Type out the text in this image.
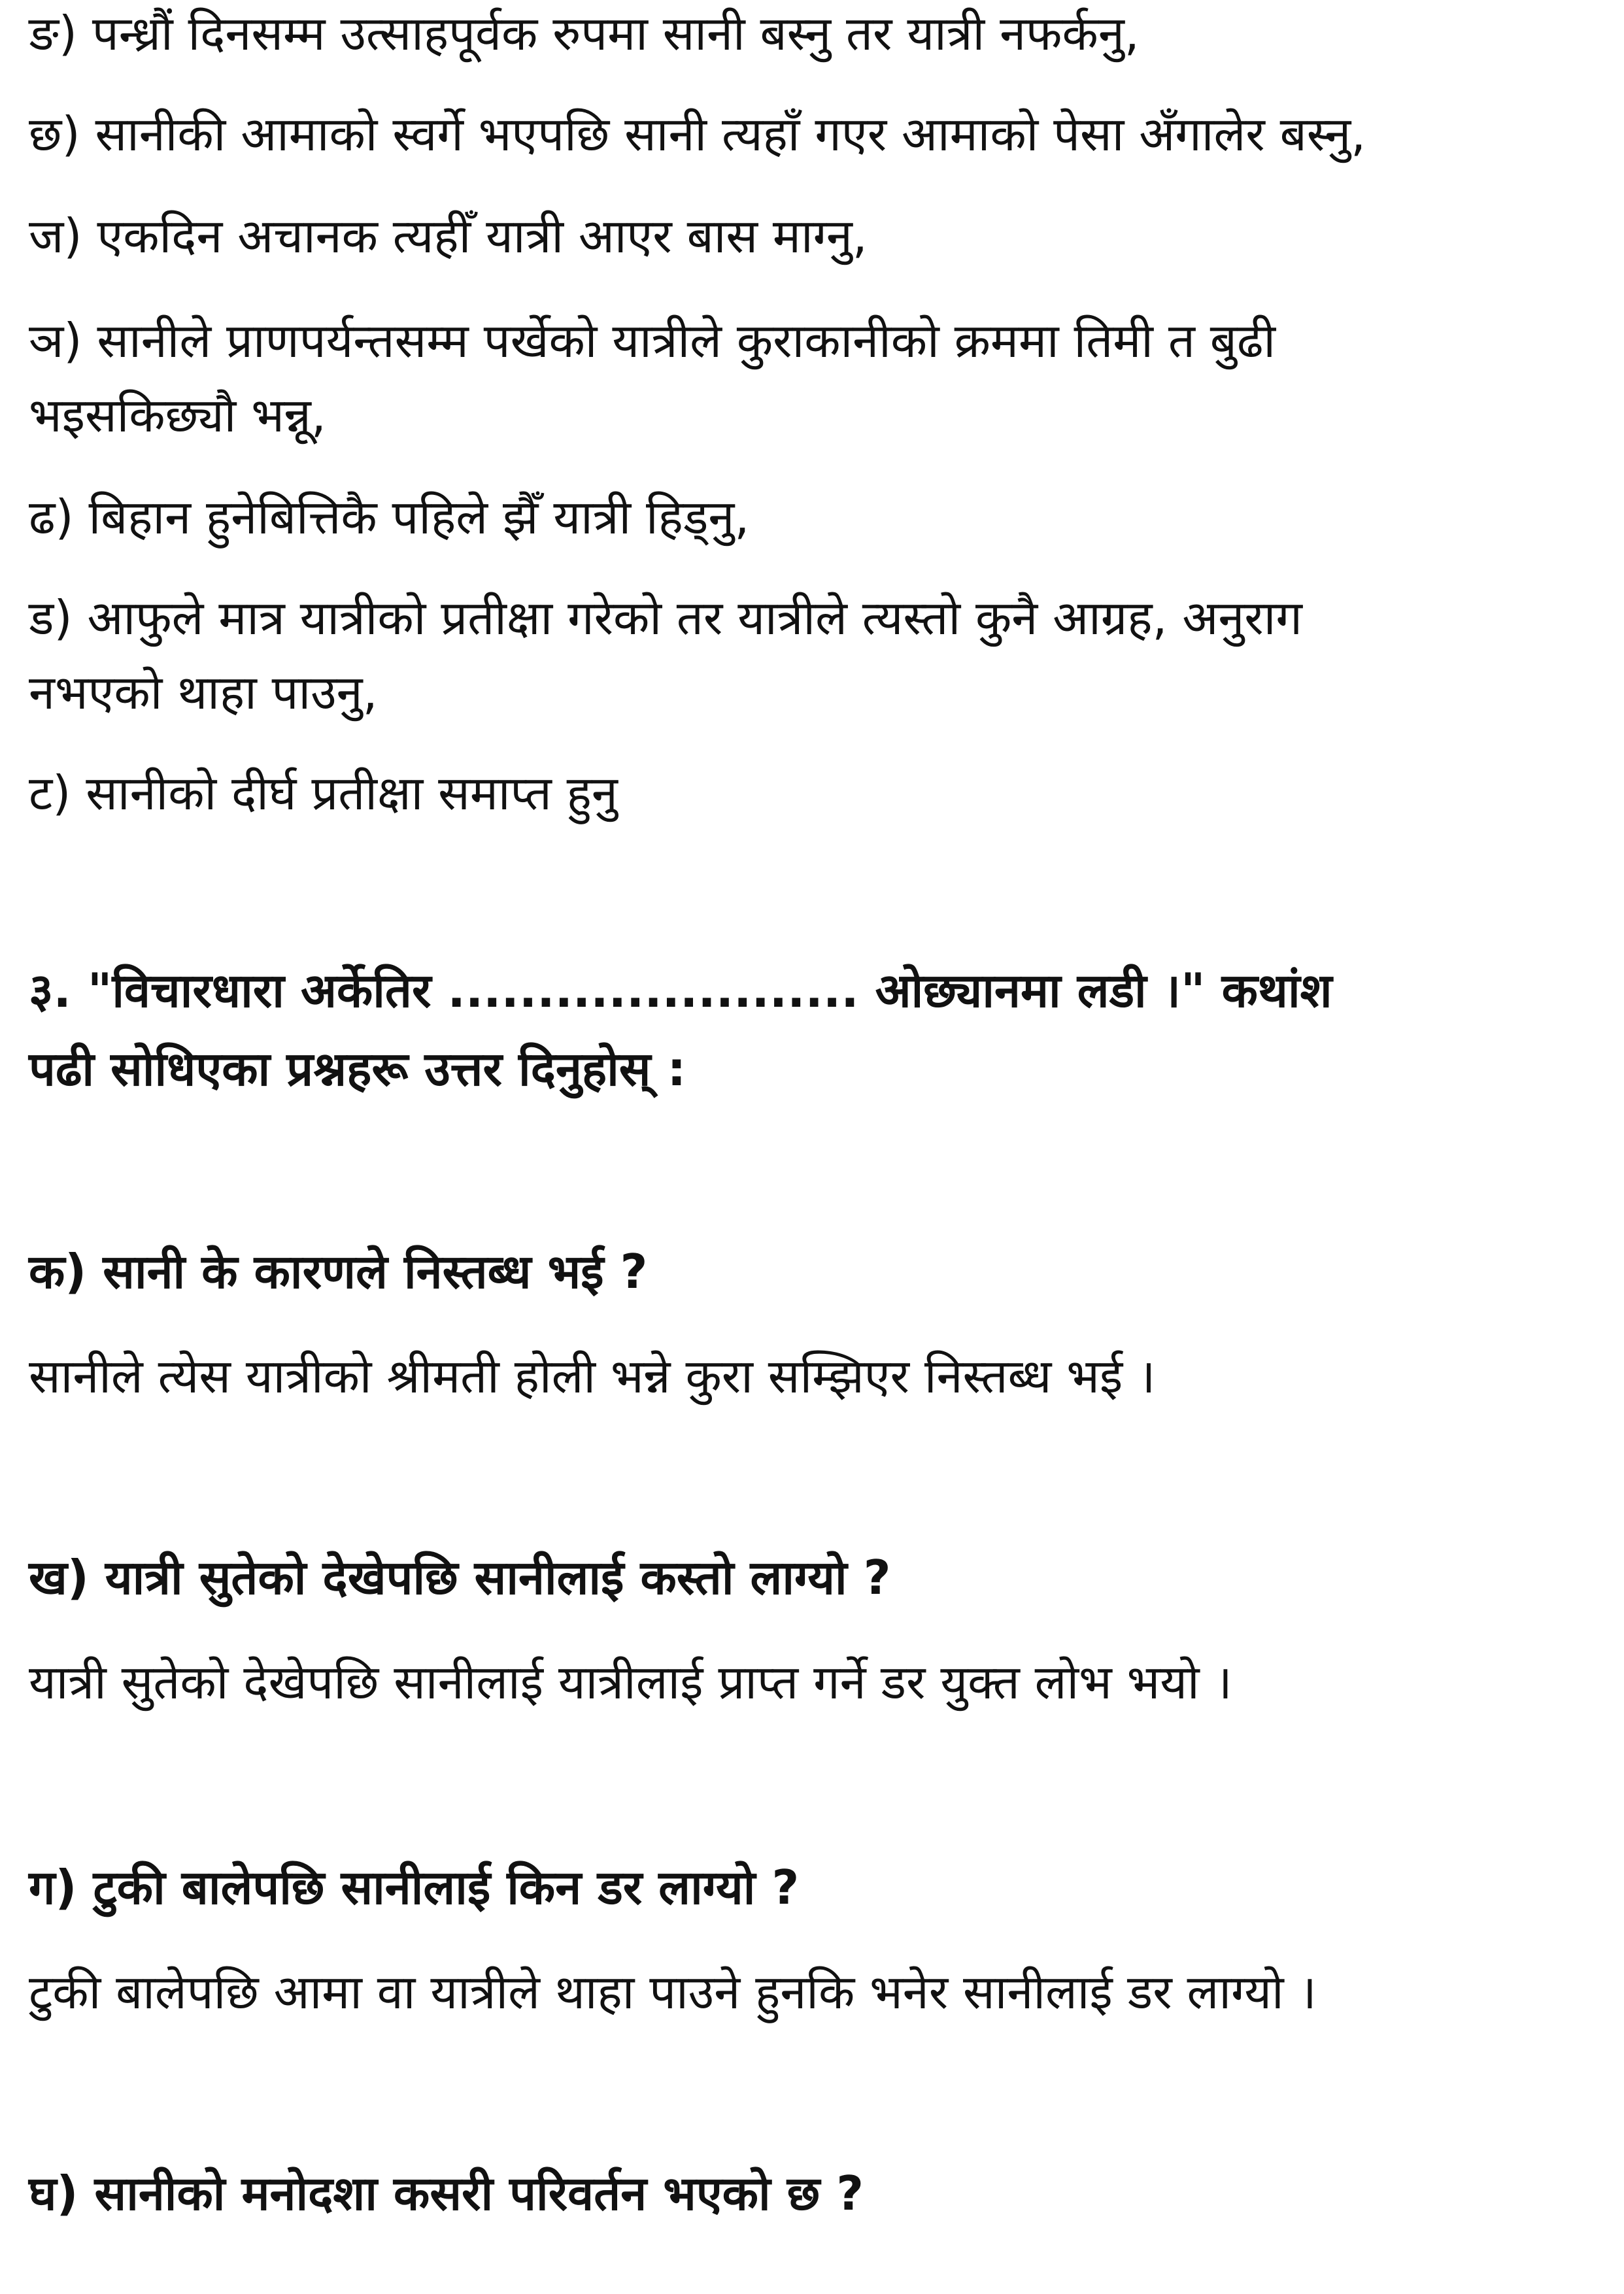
ङ) पन्ध्रौं दिनसम्म उत्साहपूर्वक रुपमा सानी बस्नु तर यात्री नफर्कनु,
छ) सानीकी आमाको स्वर्गे भएपछि सानी त्यहाँ गएर आमाको पेसा अँगालेर बस्नु,
ज) एकदिन अचानक त्यहीँ यात्री आएर बास माग्नु,
ञ) सानीले प्राणपर्यन्तसम्म पर्खेको यात्रीले कुराकानीको क्रममा तिमी त बुढी
भइसकिछ्यौ भन्नू,
ढ) बिहान हुनेबित्तिकै पहिले झैँ यात्री हिड्नु,
ड) आफुले मात्र यात्रीको प्रतीक्षा गरेको तर यात्रीले त्यस्तो कुनै आग्रह, अनुराग
नभएको थाहा पाउनु,
ट) सानीको दीर्घ प्रतीक्षा समाप्त हुनु
३. "विचारधारा अर्केतिर ....................... ओछ्यानमा लडी ।" कथांश
पढी सोधिएका प्रश्नहरू उत्तर दिनुहोस् :
क) सानी के कारणले निस्तब्ध भई ?
सानीले त्येस यात्रीको श्रीमती होली भन्ने कुरा सम्झिएर निस्तब्ध भई ।
ख) यात्री सुतेको देखेपछि सानीलाई कस्तो लाग्यो ?
यात्री सुतेको देखेपछि सानीलाई यात्रीलाई प्राप्त गर्ने डर युक्त लोभ भयो ।
ग) टुकी बालेपछि सानीलाई किन डर लाग्यो ?
टुकी बालेपछि आमा वा यात्रीले थाहा पाउने हुनकि भनेर सानीलाई डर लाग्यो ।
घ) सानीको मनोदशा कसरी परिवर्तन भएको छ ?
